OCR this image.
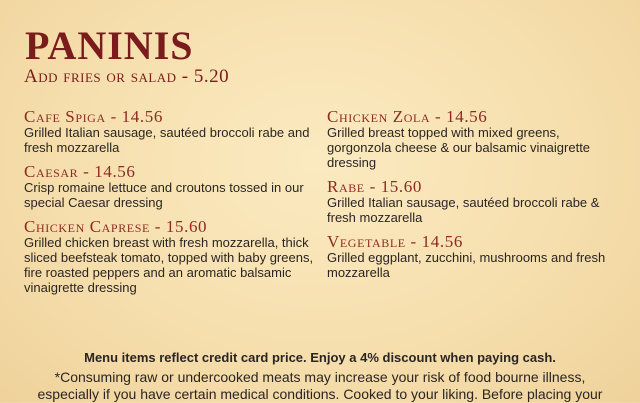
PANINIS
Add fries or salad - 5.20
Cafe Spiga - 14.56
Grilled Italian sausage, sautéed broccoli rabe and fresh mozzarella
Caesar - 14.56
Crisp romaine lettuce and croutons tossed in our special Caesar dressing
Chicken Caprese - 15.60
Grilled chicken breast with fresh mozzarella, thick sliced beefsteak tomato, topped with baby greens, fire roasted peppers and an aromatic balsamic vinaigrette dressing
Chicken Zola - 14.56
Grilled breast topped with mixed greens, gorgonzola cheese & our balsamic vinaigrette dressing
Rabe - 15.60
Grilled Italian sausage, sautéed broccoli rabe & fresh mozzarella
Vegetable - 14.56
Grilled eggplant, zucchini, mushrooms and fresh mozzarella
Menu items reflect credit card price. Enjoy a 4% discount when paying cash.
*Consuming raw or undercooked meats may increase your risk of food bourne illness,
especially if you have certain medical conditions. Cooked to your liking. Before placing your
